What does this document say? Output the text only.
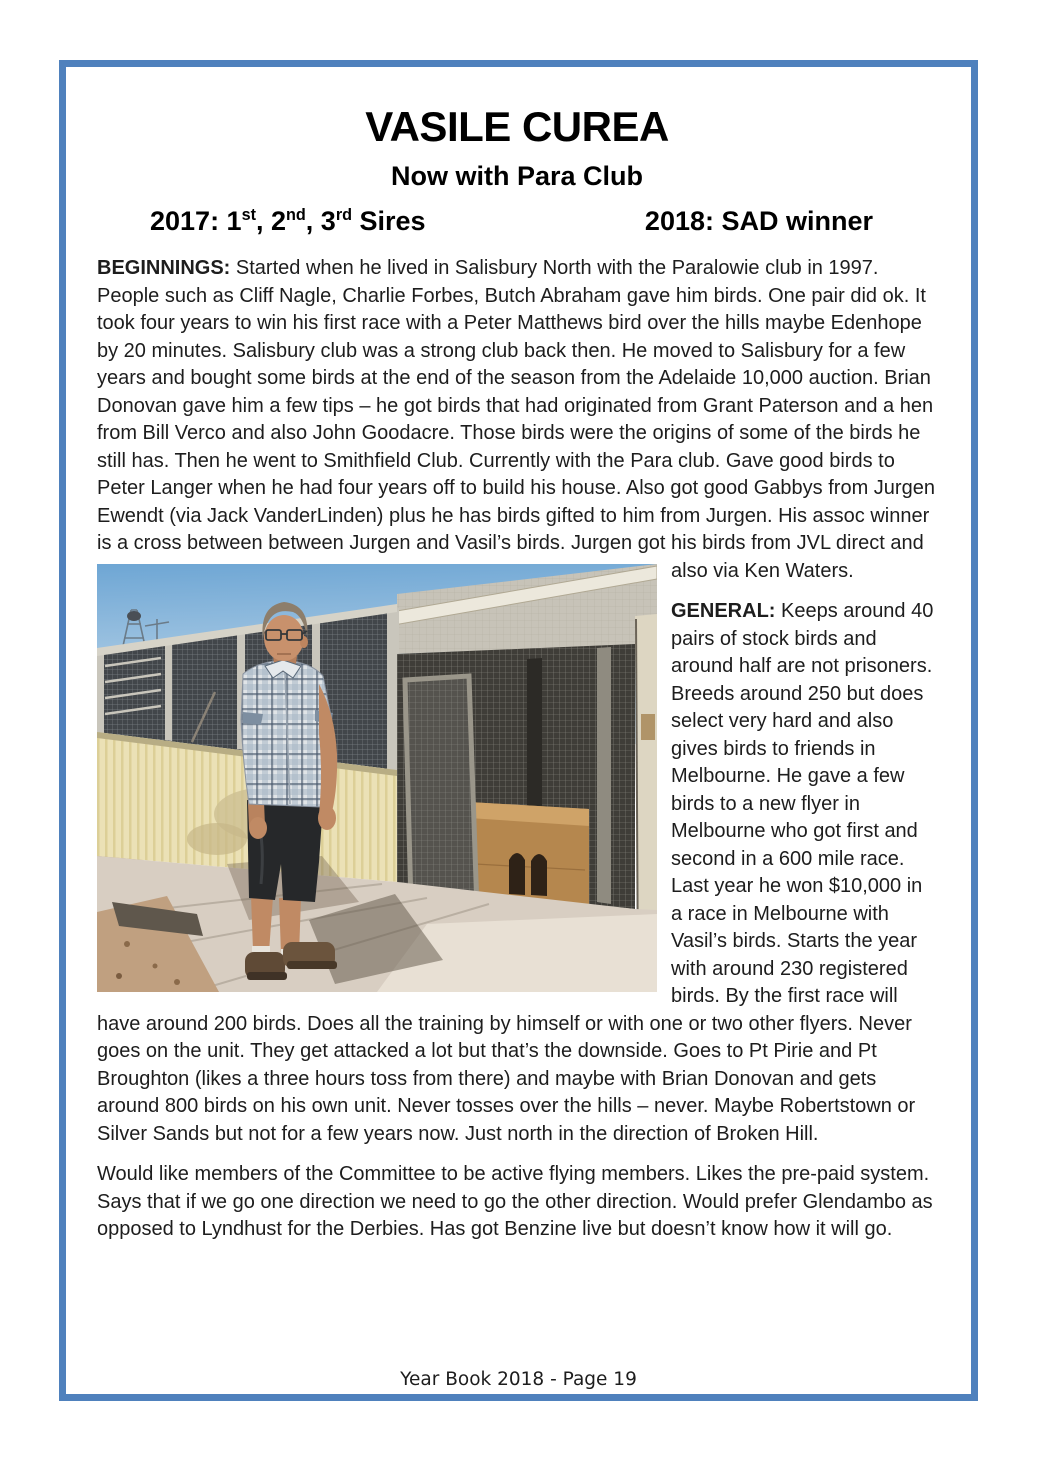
VASILE CUREA
Now with Para Club
2017: 1st, 2nd, 3rd Sires	2018: SAD winner

BEGINNINGS: Started when he lived in Salisbury North with the Paralowie club in 1997. People such as Cliff Nagle, Charlie Forbes, Butch Abraham gave him birds. One pair did ok. It took four years to win his first race with a Peter Matthews bird over the hills maybe Edenhope by 20 minutes. Salisbury club was a strong club back then. He moved to Salisbury for a few years and bought some birds at the end of the season from the Adelaide 10,000 auction. Brian Donovan gave him a few tips – he got birds that had originated from Grant Paterson and a hen from Bill Verco and also John Goodacre. Those birds were the origins of some of the birds he still has. Then he went to Smithfield Club. Currently with the Para club. Gave good birds to Peter Langer when he had four years off to build his house. Also got good Gabbys from Jurgen Ewendt (via Jack VanderLinden) plus he has birds gifted to him from Jurgen. His assoc winner is a cross between between Jurgen and Vasil’s birds. Jurgen got his birds from JVL direct and also via Ken Waters.

GENERAL: Keeps around 40 pairs of stock birds and around half are not prisoners. Breeds around 250 but does select very hard and also gives birds to friends in Melbourne. He gave a few birds to a new flyer in Melbourne who got first and second in a 600 mile race. Last year he won $10,000 in a race in Melbourne with Vasil’s birds. Starts the year with around 230 registered birds. By the first race will have around 200 birds. Does all the training by himself or with one or two other flyers. Never goes on the unit. They get attacked a lot but that’s the downside. Goes to Pt Pirie and Pt Broughton (likes a three hours toss from there) and maybe with Brian Donovan and gets around 800 birds on his own unit. Never tosses over the hills – never. Maybe Robertstown or Silver Sands but not for a few years now. Just north in the direction of Broken Hill.

Would like members of the Committee to be active flying members. Likes the pre-paid system. Says that if we go one direction we need to go the other direction. Would prefer Glendambo as opposed to Lyndhust for the Derbies. Has got Benzine live but doesn’t know how it will go.

Year Book 2018 - Page 19
